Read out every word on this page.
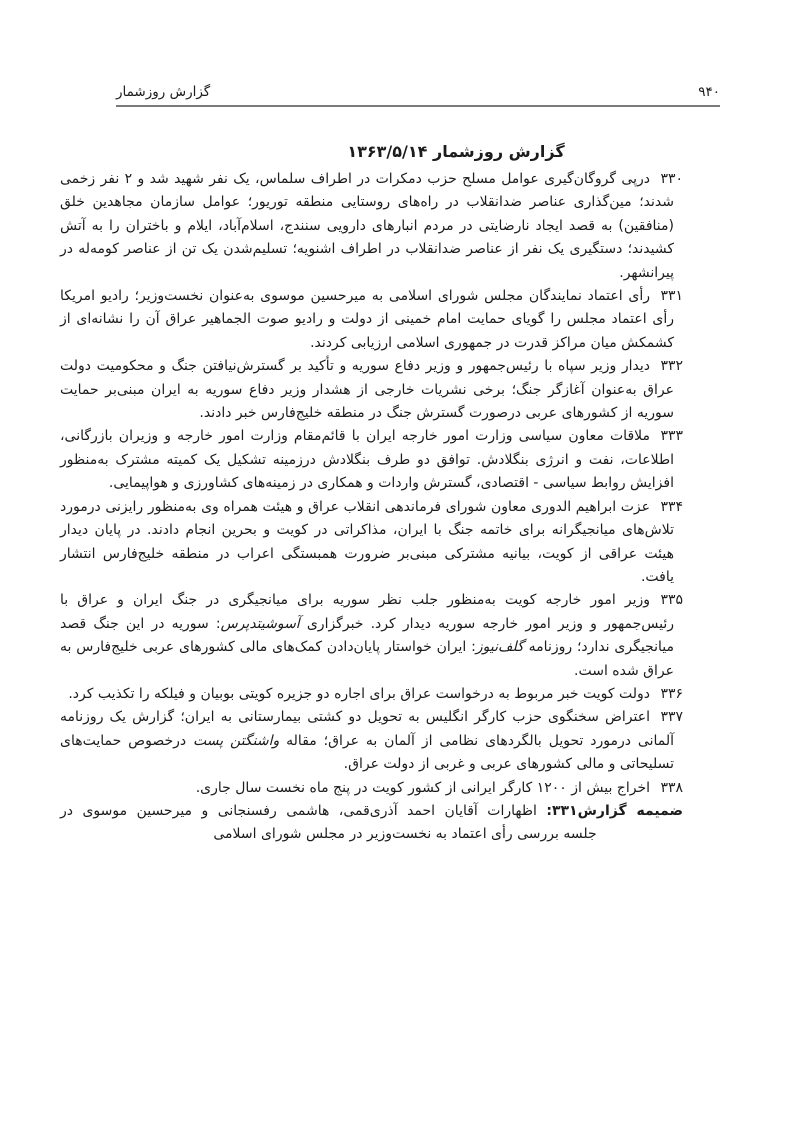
۹۴۰
گزارش روزشمار
گزارش روزشمار ۱۳۶۳/۵/۱۴
۳۳۰
درپی گروگان‌گیری عوامل مسلح حزب دمکرات در اطراف سلماس، یک نفر شهید شد و ۲ نفر زخمی شدند؛ مین‌گذاری عناصر ضدانقلاب در راه‌های روستایی منطقه توریور؛ عوامل سازمان مجاهدین خلق (منافقین) به قصد ایجاد نارضایتی در مردم انبارهای دارویی سنندج، اسلام‌آباد، ایلام و باختران را به آتش کشیدند؛ دستگیری یک نفر از عناصر ضدانقلاب در اطراف اشنویه؛ تسلیم‌شدن یک تن از عناصر کومه‌له در پیرانشهر.
۳۳۱
رأی اعتماد نمایندگان مجلس شورای اسلامی به میرحسین موسوی به‌عنوان نخست‌وزیر؛ رادیو امریکا رأی اعتماد مجلس را گویای حمایت امام خمینی از دولت و رادیو صوت الجماهیر عراق آن را نشانه‌ای از کشمکش میان مراکز قدرت در جمهوری اسلامی ارزیابی کردند.
۳۳۲
دیدار وزیر سپاه با رئیس‌جمهور و وزیر دفاع سوریه و تأکید بر گسترش‌نیافتن جنگ و محکومیت دولت عراق به‌عنوان آغازگر جنگ؛ برخی نشریات خارجی از هشدار وزیر دفاع سوریه به ایران مبنی‌بر حمایت سوریه از کشورهای عربی درصورت گسترش جنگ در منطقه خلیج‌فارس خبر دادند.
۳۳۳
ملاقات معاون سیاسی وزارت امور خارجه ایران با قائم‌مقام وزارت امور خارجه و وزیران بازرگانی، اطلاعات، نفت و انرژی بنگلادش. توافق دو طرف بنگلادش درزمینه تشکیل یک کمیته مشترک به‌منظور افزایش روابط سیاسی - اقتصادی، گسترش واردات و همکاری در زمینه‌های کشاورزی و هواپیمایی.
۳۳۴
عزت ابراهیم الدوری معاون شورای فرماندهی انقلاب عراق و هیئت همراه وی به‌منظور رایزنی درمورد تلاش‌های میانجیگرانه برای خاتمه جنگ با ایران، مذاکراتی در کویت و بحرین انجام دادند. در پایان دیدار هیئت عراقی از کویت، بیانیه مشترکی مبنی‌بر ضرورت همبستگی اعراب در منطقه خلیج‌فارس انتشار یافت.
۳۳۵
وزیر امور خارجه کویت به‌منظور جلب نظر سوریه برای میانجیگری در جنگ ایران و عراق با رئیس‌جمهور و وزیر امور خارجه سوریه دیدار کرد. خبرگزاری آسوشیتدپرس: سوریه در این جنگ قصد میانجیگری ندارد؛ روزنامه گلف‌نیوز: ایران خواستار پایان‌دادن کمک‌های مالی کشورهای عربی خلیج‌فارس به عراق شده است.
۳۳۶
دولت کویت خبر مربوط به درخواست عراق برای اجاره دو جزیره کویتی بوبیان و فیلکه را تکذیب کرد.
۳۳۷
اعتراض سخنگوی حزب کارگر انگلیس به تحویل دو کشتی بیمارستانی به ایران؛ گزارش یک روزنامه آلمانی درمورد تحویل بالگردهای نظامی از آلمان به عراق؛ مقاله واشنگتن پست درخصوص حمایت‌های تسلیحاتی و مالی کشورهای عربی و غربی از دولت عراق.
۳۳۸
اخراج بیش از ۱۲۰۰ کارگر ایرانی از کشور کویت در پنج ماه نخست سال جاری.
ضمیمه گزارش۳۳۱: اظهارات آقایان احمد آذری‌قمی، هاشمی رفسنجانی و میرحسین موسوی در
جلسه بررسی رأی اعتماد به نخست‌وزیر در مجلس شورای اسلامی
